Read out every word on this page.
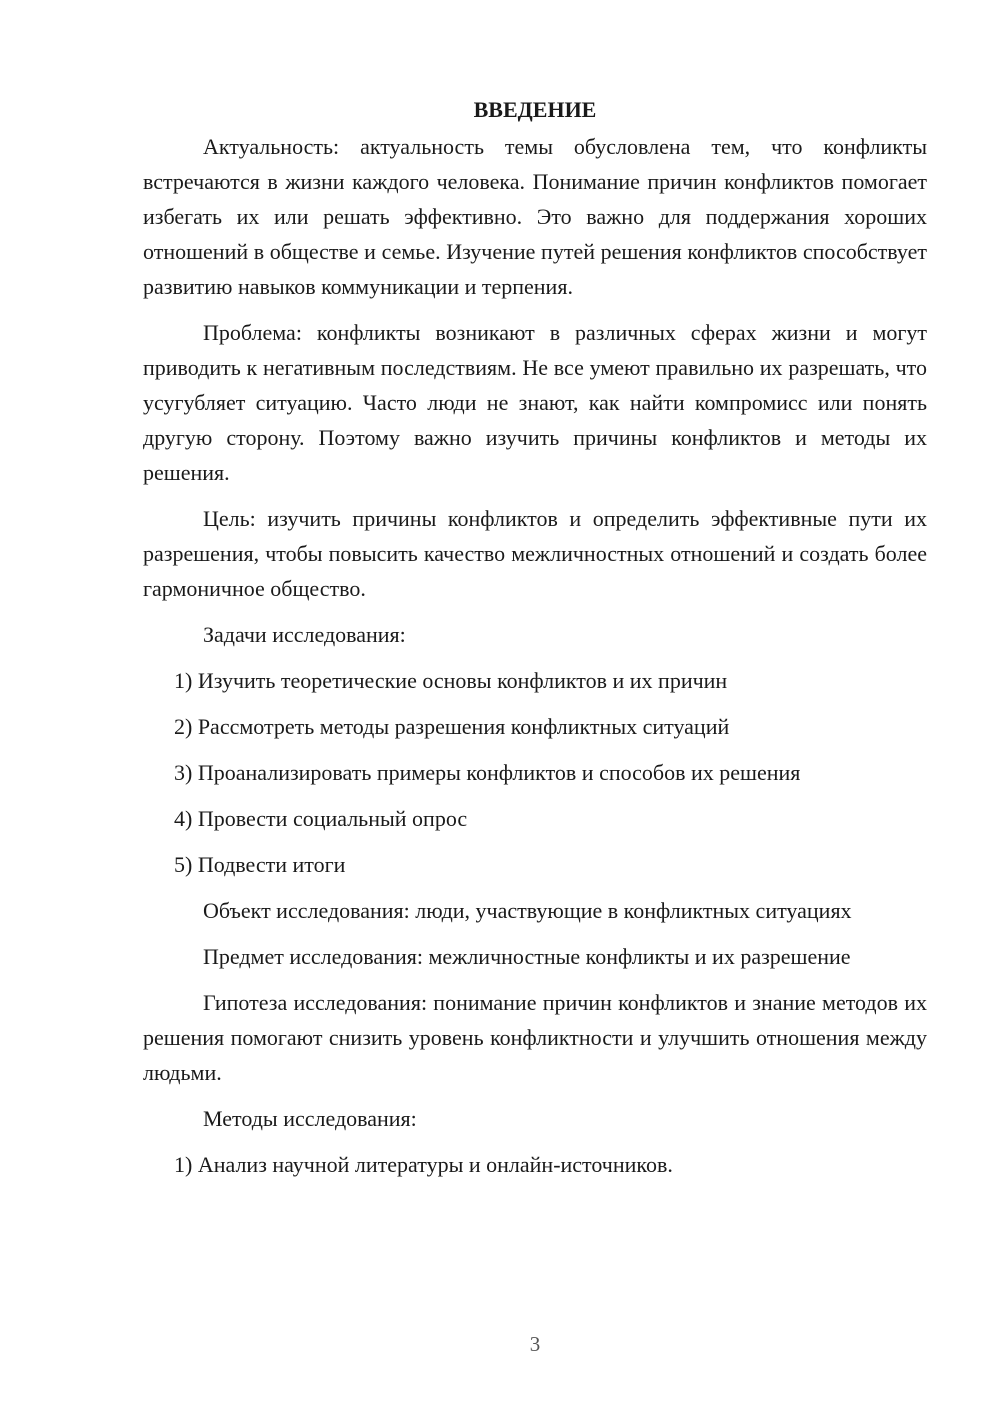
ВВЕДЕНИЕ

Актуальность: актуальность темы обусловлена тем, что конфликты встречаются в жизни каждого человека. Понимание причин конфликтов помогает избегать их или решать эффективно. Это важно для поддержания хороших отношений в обществе и семье. Изучение путей решения конфликтов способствует развитию навыков коммуникации и терпения.

Проблема: конфликты возникают в различных сферах жизни и могут приводить к негативным последствиям. Не все умеют правильно их разрешать, что усугубляет ситуацию. Часто люди не знают, как найти компромисс или понять другую сторону. Поэтому важно изучить причины конфликтов и методы их решения.

Цель: изучить причины конфликтов и определить эффективные пути их разрешения, чтобы повысить качество межличностных отношений и создать более гармоничное общество.

Задачи исследования:

1) Изучить теоретические основы конфликтов и их причин
2) Рассмотреть методы разрешения конфликтных ситуаций
3) Проанализировать примеры конфликтов и способов их решения
4) Провести социальный опрос
5) Подвести итоги

Объект исследования: люди, участвующие в конфликтных ситуациях

Предмет исследования: межличностные конфликты и их разрешение

Гипотеза исследования: понимание причин конфликтов и знание методов их решения помогают снизить уровень конфликтности и улучшить отношения между людьми.

Методы исследования:

1) Анализ научной литературы и онлайн-источников.
3
